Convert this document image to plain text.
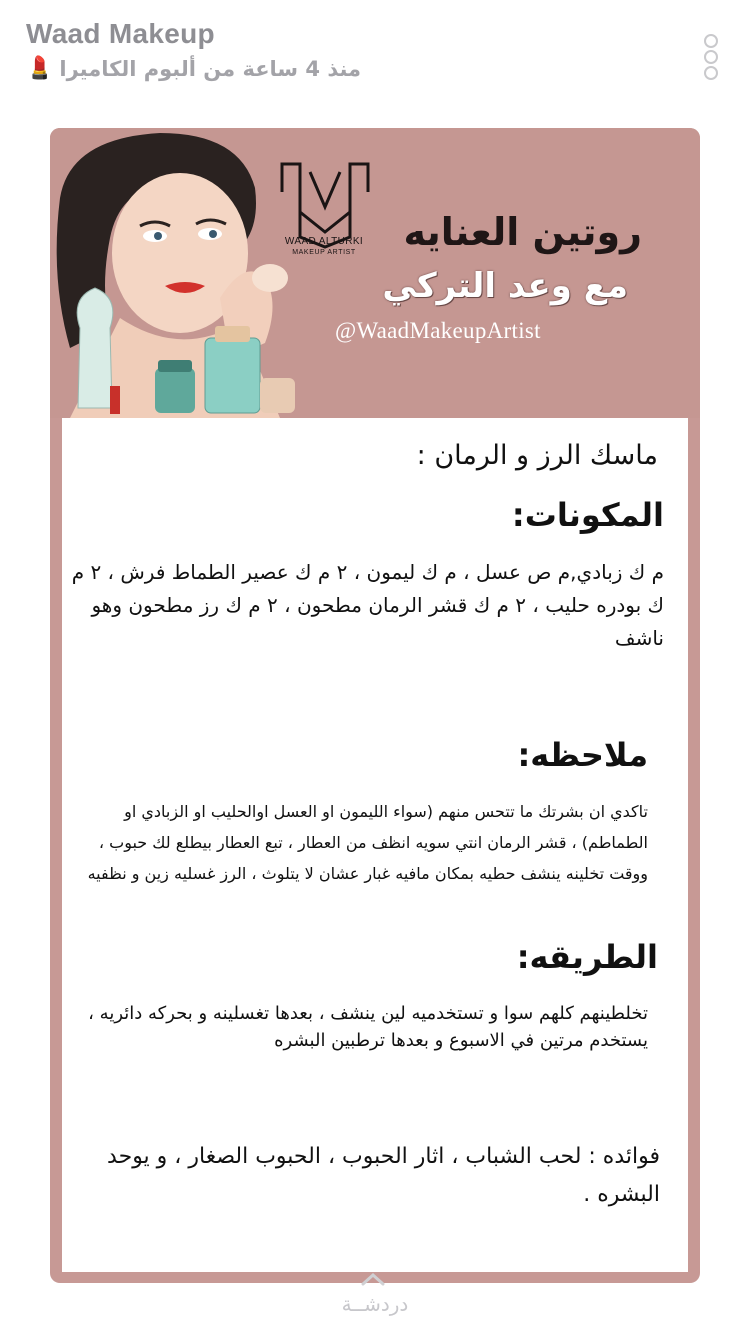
Waad Makeup
منذ 4 ساعة من ألبوم الكاميرا
💄
WAAD ALTURKI
MAKEUP ARTIST	روتين العنايه
مع وعد التركي
@WaadMakeupArtist
ماسك الرز و الرمان :
المكونات:
م ك زبادي,م ص عسل ، م ك ليمون ، ٢ م ك عصير الطماط فرش ، ٢ م ك بودره حليب ، ٢ م ك قشر الرمان مطحون ، ٢ م ك رز مطحون وهو ناشف
ملاحظه:
تاكدي ان بشرتك ما تتحس منهم (سواء الليمون او العسل اوالحليب او الزبادي او الطماطم) ، قشر الرمان انتي سويه انظف من العطار ، تبع العطار بيطلع لك حبوب ، ووقت تخلينه ينشف حطيه بمكان مافيه غبار عشان لا يتلوث ، الرز غسليه زين و نظفيه
الطريقه:
تخلطينهم كلهم سوا و تستخدميه لين ينشف ، بعدها تغسلينه و بحركه دائريه ، يستخدم مرتين في الاسبوع و بعدها ترطبين البشره
فوائده : لحب الشباب ، اثار الحبوب ، الحبوب الصغار ، و يوحد البشره .
دردشــة
